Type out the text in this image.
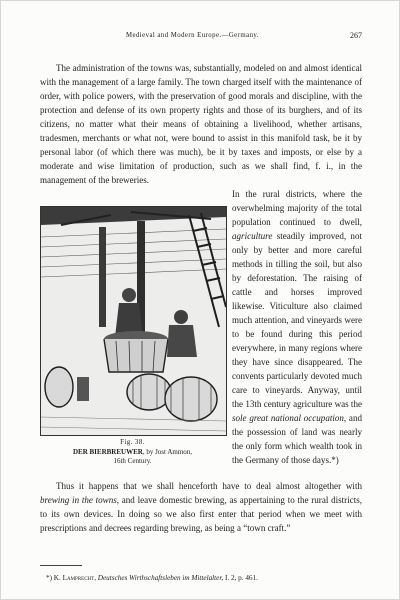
Medieval and Modern Europe.—Germany.	267

The administration of the towns was, substantially, modeled on and almost identical with the management of a large family. The town charged itself with the maintenance of order, with police powers, with the preservation of good morals and discipline, with the protection and defense of its own property rights and those of its burghers, and of its citizens, no matter what their means of obtaining a livelihood, whether artisans, tradesmen, merchants or what not, were bound to assist in this manifold task, be it by personal labor (of which there was much), be it by taxes and imposts, or else by a moderate and wise limitation of production, such as we shall find, f. i., in the management of the breweries.

Fig. 38.
DER BIERBREUWER, by Jost Ammon,
16th Century.

In the rural districts, where the overwhelming majority of the total population continued to dwell, agriculture steadily improved, not only by better and more careful methods in tilling the soil, but also by deforestation. The raising of cattle and horses improved likewise. Viticulture also claimed much attention, and vineyards were to be found during this period everywhere, in many regions where they have since disappeared. The convents particularly devoted much care to vineyards. Anyway, until the 13th century agriculture was the sole great national occupation, and the possession of land was nearly the only form which wealth took in the Germany of those days.*)

Thus it happens that we shall henceforth have to deal almost altogether with brewing in the towns, and leave domestic brewing, as appertaining to the rural districts, to its own devices. In doing so we also first enter that period when we meet with prescriptions and decrees regarding brewing, as being a “town craft.”

*) K. Lamprecht, Deutsches Wirthschaftsleben im Mittelalter, I. 2, p. 461.
